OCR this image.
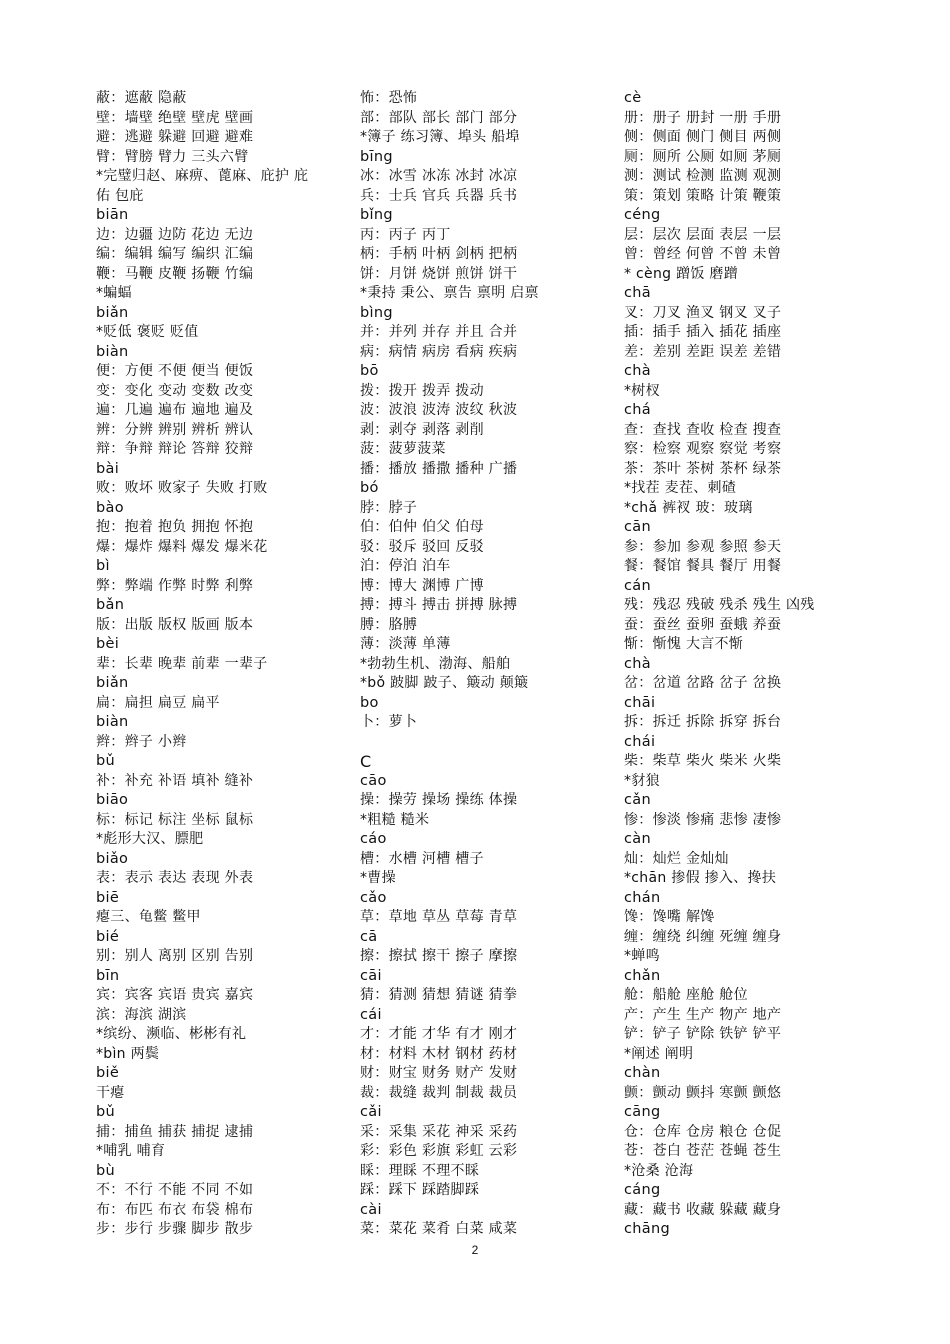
蔽：遮蔽 隐蔽
壁：墙壁 绝壁 壁虎 壁画
避：逃避 躲避 回避 避难
臂：臂膀 臂力 三头六臂
*完璧归赵、麻痹、蓖麻、庇护 庇
佑 包庇
biān
边：边疆 边防 花边 无边
编：编辑 编写 编织 汇编
鞭：马鞭 皮鞭 扬鞭 竹编
*蝙蝠
biǎn
*贬低 褒贬 贬值
biàn
便：方便 不便 便当 便饭
变：变化 变动 变数 改变
遍：几遍 遍布 遍地 遍及
辨：分辨 辨别 辨析 辨认
辩：争辩 辩论 答辩 狡辩
bài
败：败坏 败家子 失败 打败
bào
抱：抱着 抱负 拥抱 怀抱
爆：爆炸 爆料 爆发 爆米花
bì
弊：弊端 作弊 时弊 利弊
bǎn
版：出版 版权 版画 版本
bèi
辈：长辈 晚辈 前辈 一辈子
biǎn
扁：扁担 扁豆 扁平
biàn
辫：辫子 小辫
bǔ
补：补充 补语 填补 缝补
biāo
标：标记 标注 坐标 鼠标
*彪形大汉、膘肥
biǎo
表：表示 表达 表现 外表
biē
瘪三、龟鳖 鳖甲
bié
别：别人 离别 区别 告别
bīn
宾：宾客 宾语 贵宾 嘉宾
滨：海滨 湖滨
*缤纷、濒临、彬彬有礼
*bìn 两鬓
biě
干瘪
bǔ
捕：捕鱼 捕获 捕捉 逮捕
*哺乳 哺育
bù
不：不行 不能 不同 不如
布：布匹 布衣 布袋 棉布
步：步行 步骤 脚步 散步
怖：恐怖
部：部队 部长 部门 部分
*簿子 练习簿、埠头 船埠
bīng
冰：冰雪 冰冻 冰封 冰凉
兵：士兵 官兵 兵器 兵书
bǐng
丙：丙子 丙丁
柄：手柄 叶柄 剑柄 把柄
饼：月饼 烧饼 煎饼 饼干
*秉持 秉公、禀告 禀明 启禀
bìng
并：并列 并存 并且 合并
病：病情 病房 看病 疾病
bō
拨：拨开 拨弄 拨动
波：波浪 波涛 波纹 秋波
剥：剥夺 剥落 剥削
菠：菠萝菠菜
播：播放 播撒 播种 广播
bó
脖：脖子
伯：伯仲 伯父 伯母
驳：驳斥 驳回 反驳
泊：停泊 泊车
博：博大 渊博 广博
搏：搏斗 搏击 拼搏 脉搏
膊：胳膊
薄：淡薄 单薄
*勃勃生机、渤海、船舶
*bǒ 跛脚 跛子、簸动 颠簸
bo
卜：萝卜
C
cāo
操：操劳 操场 操练 体操
*粗糙 糙米
cáo
槽：水槽 河槽 槽子
*曹操
cǎo
草：草地 草丛 草莓 青草
cā
擦：擦拭 擦干 擦子 摩擦
cāi
猜：猜测 猜想 猜谜 猜拳
cái
才：才能 才华 有才 刚才
材：材料 木材 钢材 药材
财：财宝 财务 财产 发财
裁：裁缝 裁判 制裁 裁员
cǎi
采：采集 采花 神采 采药
彩：彩色 彩旗 彩虹 云彩
睬：理睬 不理不睬
踩：踩下 踩踏脚踩
cài
菜：菜花 菜肴 白菜 咸菜
cè
册：册子 册封 一册 手册
侧：侧面 侧门 侧目 两侧
厕：厕所 公厕 如厕 茅厕
测：测试 检测 监测 观测
策：策划 策略 计策 鞭策
céng
层：层次 层面 表层 一层
曾：曾经 何曾 不曾 未曾
* cèng 蹭饭 磨蹭
chā
叉：刀叉 渔叉 钢叉 叉子
插：插手 插入 插花 插座
差：差别 差距 误差 差错
chà
*树杈
chá
查：查找 查收 检查 搜查
察：检察 观察 察觉 考察
茶：茶叶 茶树 茶杯 绿茶
*找茬 麦茬、刺碴
*chǎ 裤衩 玻：玻璃
cān
参：参加 参观 参照 参天
餐：餐馆 餐具 餐厅 用餐
cán
残：残忍 残破 残杀 残生 凶残
蚕：蚕丝 蚕卵 蚕蛾 养蚕
惭：惭愧 大言不惭
chà
岔：岔道 岔路 岔子 岔换
chāi
拆：拆迁 拆除 拆穿 拆台
chái
柴：柴草 柴火 柴米 火柴
*豺狼
cǎn
惨：惨淡 惨痛 悲惨 凄惨
càn
灿：灿烂 金灿灿
*chān 掺假 掺入、搀扶
chán
馋：馋嘴 解馋
缠：缠绕 纠缠 死缠 缠身
*蝉鸣
chǎn
舱：船舱 座舱 舱位
产：产生 生产 物产 地产
铲：铲子 铲除 铁铲 铲平
*阐述 阐明
chàn
颤：颤动 颤抖 寒颤 颤悠
cāng
仓：仓库 仓房 粮仓 仓促
苍：苍白 苍茫 苍蝇 苍生
*沧桑 沧海
cáng
藏：藏书 收藏 躲藏 藏身
chāng
2
